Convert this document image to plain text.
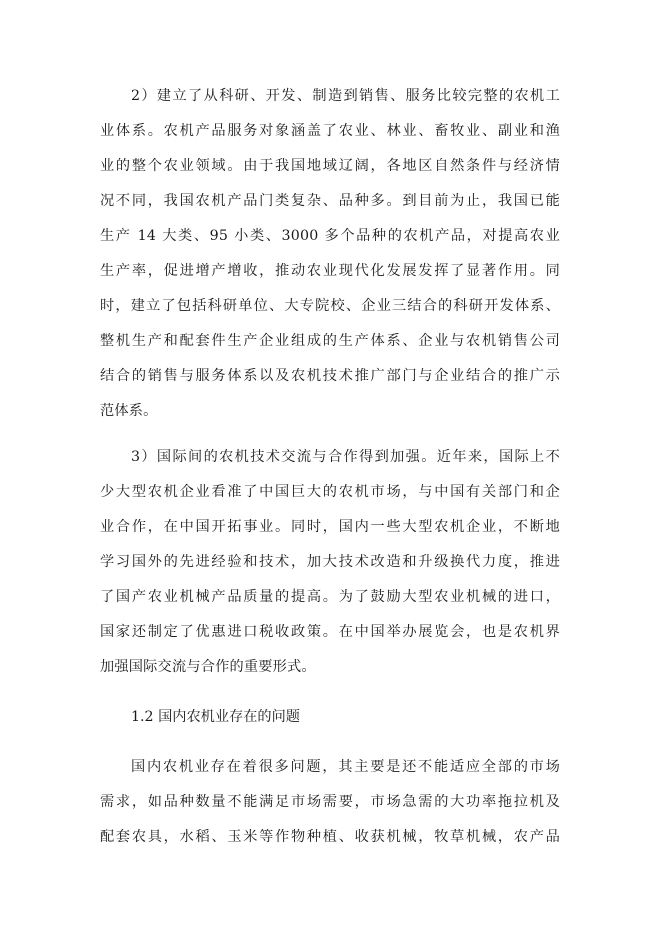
2）建立了从科研、开发、制造到销售、服务比较完整的农机工
业体系。农机产品服务对象涵盖了农业、林业、畜牧业、副业和渔
业的整个农业领域。由于我国地域辽阔，各地区自然条件与经济情
况不同，我国农机产品门类复杂、品种多。到目前为止，我国已能
生产 14 大类、95 小类、3000 多个品种的农机产品，对提高农业
生产率，促进增产增收，推动农业现代化发展发挥了显著作用。同
时，建立了包括科研单位、大专院校、企业三结合的科研开发体系、
整机生产和配套件生产企业组成的生产体系、企业与农机销售公司
结合的销售与服务体系以及农机技术推广部门与企业结合的推广示
范体系。
3）国际间的农机技术交流与合作得到加强。近年来，国际上不
少大型农机企业看准了中国巨大的农机市场，与中国有关部门和企
业合作，在中国开拓事业。同时，国内一些大型农机企业，不断地
学习国外的先进经验和技术，加大技术改造和升级换代力度，推进
了国产农业机械产品质量的提高。为了鼓励大型农业机械的进口，
国家还制定了优惠进口税收政策。在中国举办展览会，也是农机界
加强国际交流与合作的重要形式。
1.2 国内农机业存在的问题
国内农机业存在着很多问题，其主要是还不能适应全部的市场
需求，如品种数量不能满足市场需要，市场急需的大功率拖拉机及
配套农具，水稻、玉米等作物种植、收获机械，牧草机械，农产品
